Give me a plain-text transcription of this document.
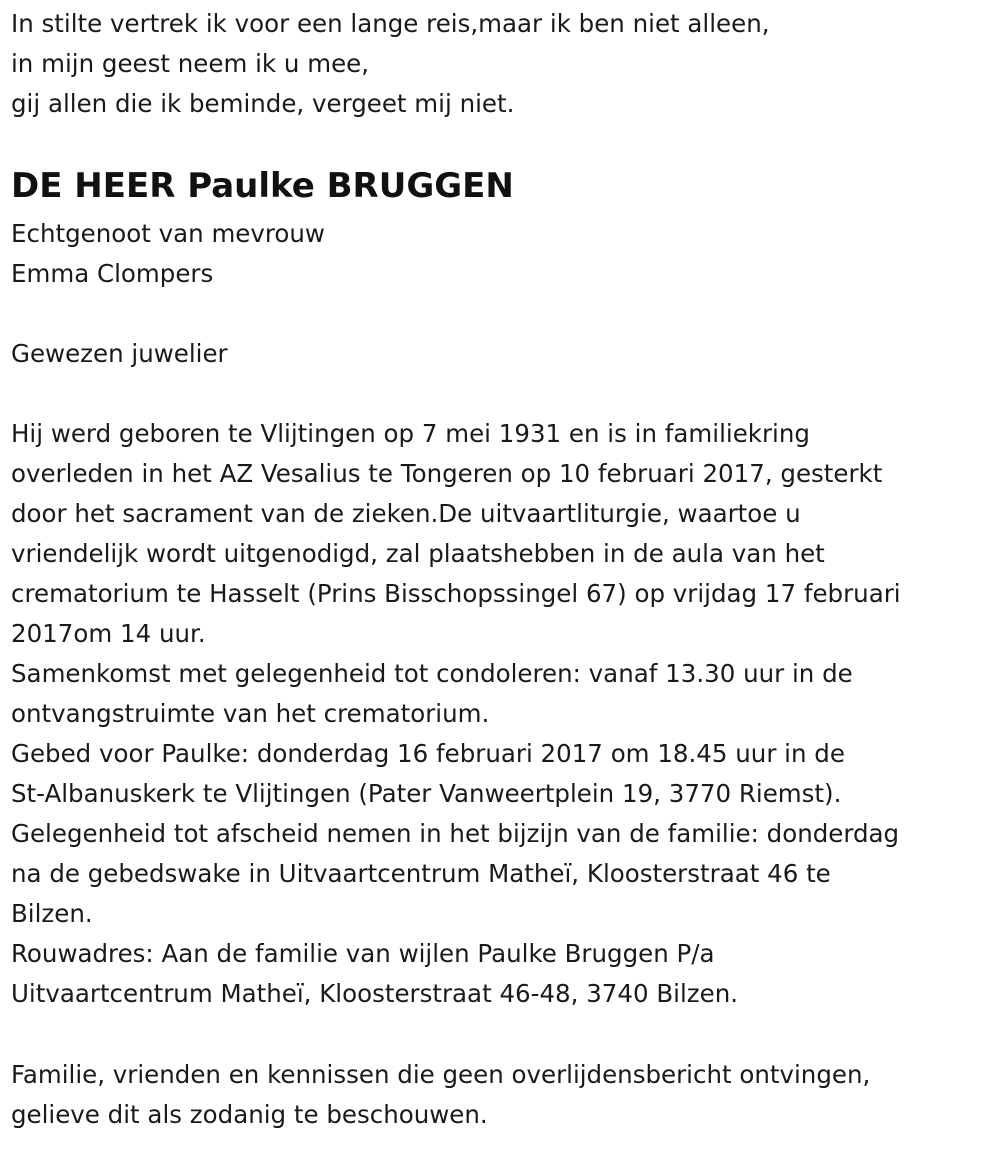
In stilte vertrek ik voor een lange reis,maar ik ben niet alleen,
in mijn geest neem ik u mee,
gij allen die ik beminde, vergeet mij niet.
DE HEER Paulke BRUGGEN
Echtgenoot van mevrouw
Emma Clompers
Gewezen juwelier
Hij werd geboren te Vlijtingen op 7 mei 1931 en is in familiekring
overleden in het AZ Vesalius te Tongeren op 10 februari 2017, gesterkt
door het sacrament van de zieken.De uitvaartliturgie, waartoe u
vriendelijk wordt uitgenodigd, zal plaatshebben in de aula van het
crematorium te Hasselt (Prins Bisschopssingel 67) op vrijdag 17 februari
2017om 14 uur.
Samenkomst met gelegenheid tot condoleren: vanaf 13.30 uur in de
ontvangstruimte van het crematorium.
Gebed voor Paulke: donderdag 16 februari 2017 om 18.45 uur in de
St-Albanuskerk te Vlijtingen (Pater Vanweertplein 19, 3770 Riemst).
Gelegenheid tot afscheid nemen in het bijzijn van de familie: donderdag
na de gebedswake in Uitvaartcentrum Matheï, Kloosterstraat 46 te
Bilzen.
Rouwadres: Aan de familie van wijlen Paulke Bruggen P/a
Uitvaartcentrum Matheï, Kloosterstraat 46-48, 3740 Bilzen.
Familie, vrienden en kennissen die geen overlijdensbericht ontvingen,
gelieve dit als zodanig te beschouwen.
